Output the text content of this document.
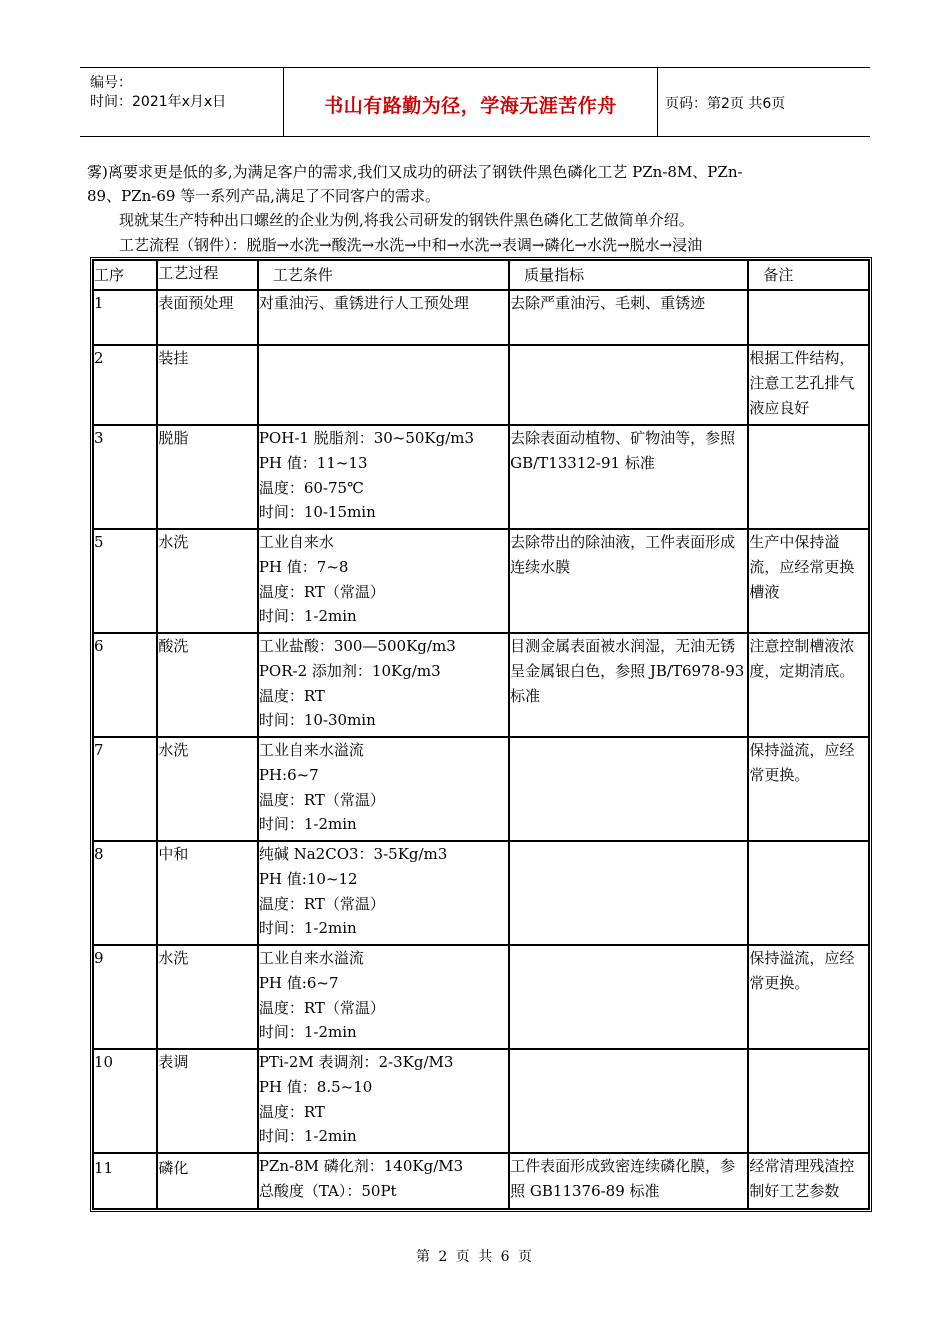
编号：
时间：2021年x月x日	书山有路勤为径，学海无涯苦作舟	页码：第2页 共6页
雾)离要求更是低的多,为满足客户的需求,我们又成功的研法了钢铁件黑色磷化工艺 PZn-8M、PZn-
89、PZn-69 等一系列产品,满足了不同客户的需求。
现就某生产特种出口螺丝的企业为例,将我公司研发的钢铁件黑色磷化工艺做简单介绍。
工艺流程（钢件）：脱脂→水洗→酸洗→水洗→中和→水洗→表调→磷化→水洗→脱水→浸油
工序	工艺过程	工艺条件	质量指标	备注
1	表面预处理	对重油污、重锈进行人工预处理	去除严重油污、毛刺、重锈迹	
2	装挂			根据工件结构，注意工艺孔排气液应良好
3	脱脂	POH-1 脱脂剂：30~50Kg/m3
PH 值：11~13
温度：60-75℃
时间：10-15min	去除表面动植物、矿物油等，参照 GB/T13312-91 标准	
5	水洗	工业自来水
PH 值：7~8
温度：RT（常温）
时间：1-2min	去除带出的除油液，工件表面形成连续水膜	生产中保持溢流，应经常更换槽液
6	酸洗	工业盐酸：300—500Kg/m3
POR-2 添加剂：10Kg/m3
温度：RT
时间：10-30min	目测金属表面被水润湿，无油无锈呈金属银白色，参照 JB/T6978-93 标准	注意控制槽液浓度，定期清底。
7	水洗	工业自来水溢流
PH:6~7
温度：RT（常温）
时间：1-2min		保持溢流，应经常更换。
8	中和	纯碱 Na2CO3：3-5Kg/m3
PH 值:10~12
温度：RT（常温）
时间：1-2min		

9	水洗	工业自来水溢流
PH 值:6~7
温度：RT（常温）
时间：1-2min		保持溢流，应经常更换。
10	表调	PTi-2M 表调剂：2-3Kg/M3
PH 值：8.5~10
温度：RT
时间：1-2min		

11	磷化	PZn-8M 磷化剂：140Kg/M3
总酸度（TA）：50Pt	工件表面形成致密连续磷化膜，参照 GB11376-89 标准	经常清理残渣控制好工艺参数
第 2 页 共 6 页
